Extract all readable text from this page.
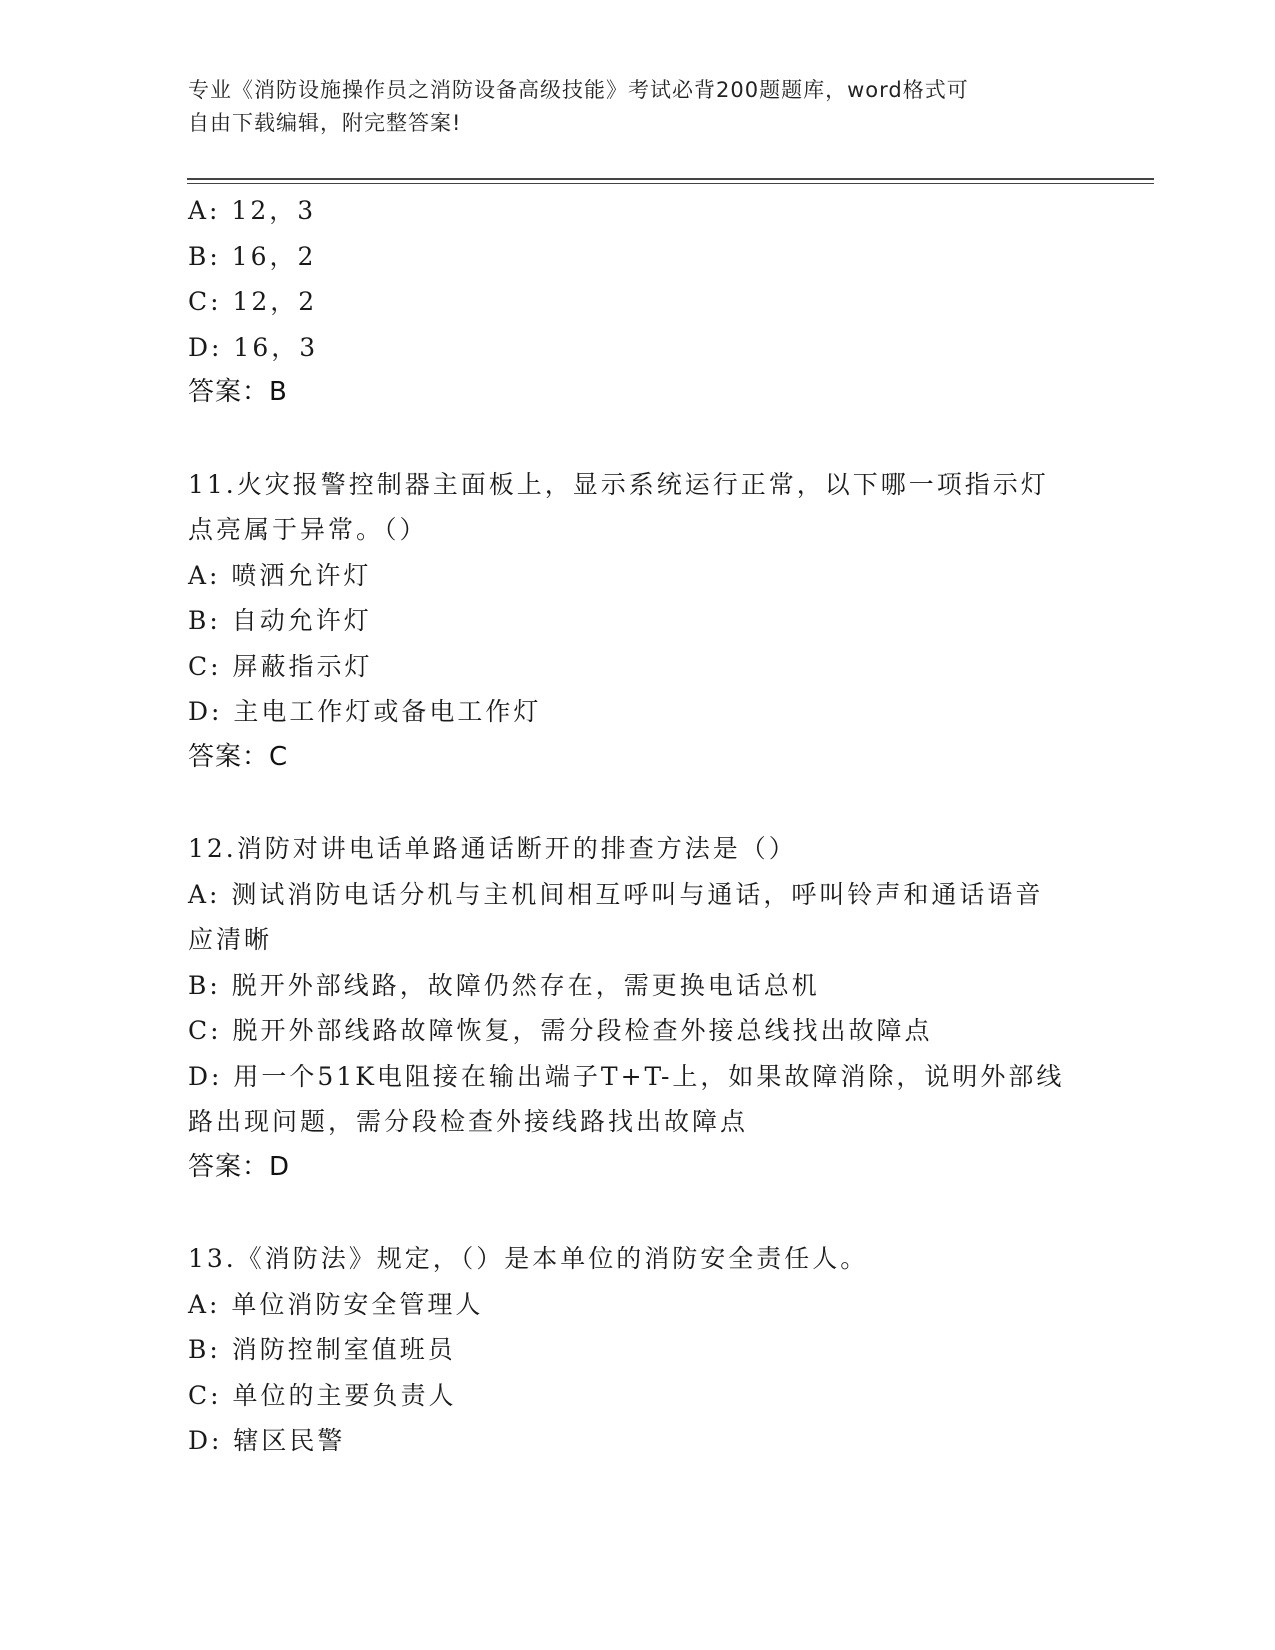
专业《消防设施操作员之消防设备高级技能》考试必背200题题库，word格式可
自由下载编辑，附完整答案!
A: 12，3
B: 16，2
C: 12，2
D: 16，3
答案：B
11.火灾报警控制器主面板上，显示系统运行正常，以下哪一项指示灯
点亮属于异常。（）
A: 喷洒允许灯
B: 自动允许灯
C: 屏蔽指示灯
D: 主电工作灯或备电工作灯
答案：C
12.消防对讲电话单路通话断开的排查方法是（）
A: 测试消防电话分机与主机间相互呼叫与通话，呼叫铃声和通话语音
应清晰
B: 脱开外部线路，故障仍然存在，需更换电话总机
C: 脱开外部线路故障恢复，需分段检查外接总线找出故障点
D: 用一个51K电阻接在输出端子T+T-上，如果故障消除，说明外部线
路出现问题，需分段检查外接线路找出故障点
答案：D
13.《消防法》规定，（）是本单位的消防安全责任人。
A: 单位消防安全管理人
B: 消防控制室值班员
C: 单位的主要负责人
D: 辖区民警
